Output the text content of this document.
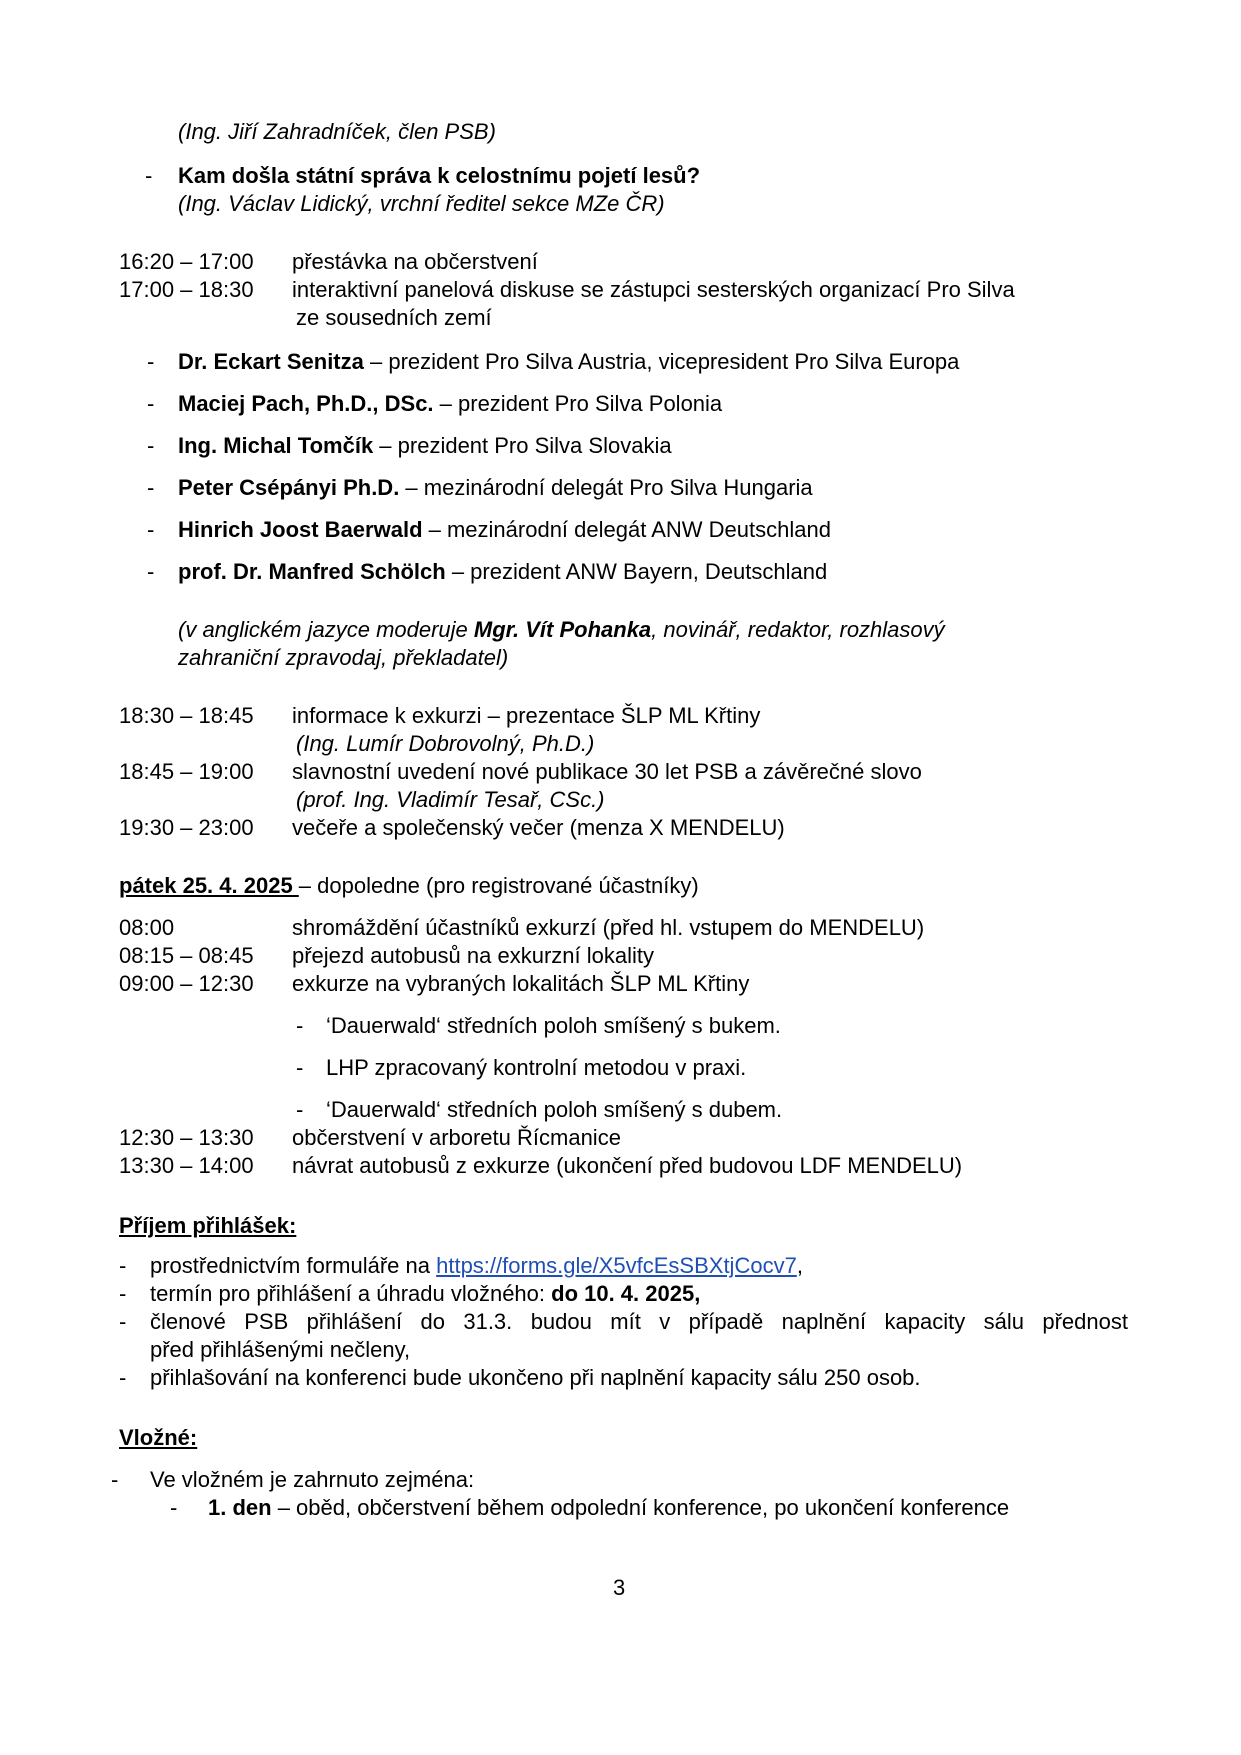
(Ing. Jiří Zahradníček, člen PSB)
- Kam došla státní správa k celostnímu pojetí lesů?
(Ing. Václav Lidický, vrchní ředitel sekce MZe ČR)
16:20 – 17:00 přestávka na občerstvení
17:00 – 18:30 interaktivní panelová diskuse se zástupci sesterských organizací Pro Silva
ze sousedních zemí
- Dr. Eckart Senitza – prezident Pro Silva Austria, vicepresident Pro Silva Europa
- Maciej Pach, Ph.D., DSc. – prezident Pro Silva Polonia
- Ing. Michal Tomčík – prezident Pro Silva Slovakia
- Peter Csépányi Ph.D. – mezinárodní delegát Pro Silva Hungaria
- Hinrich Joost Baerwald – mezinárodní delegát ANW Deutschland
- prof. Dr. Manfred Schölch – prezident ANW Bayern, Deutschland
(v anglickém jazyce moderuje Mgr. Vít Pohanka, novinář, redaktor, rozhlasový
zahraniční zpravodaj, překladatel)
18:30 – 18:45 informace k exkurzi – prezentace ŠLP ML Křtiny
(Ing. Lumír Dobrovolný, Ph.D.)
18:45 – 19:00 slavnostní uvedení nové publikace 30 let PSB a závěrečné slovo
(prof. Ing. Vladimír Tesař, CSc.)
19:30 – 23:00 večeře a společenský večer (menza X MENDELU)
pátek 25. 4. 2025 – dopoledne (pro registrované účastníky)
08:00	shromáždění účastníků exkurzí (před hl. vstupem do MENDELU)
08:15 – 08:45 přejezd autobusů na exkurzní lokality
09:00 – 12:30 exkurze na vybraných lokalitách ŠLP ML Křtiny
- ‘Dauerwald‘ středních poloh smíšený s bukem.
- LHP zpracovaný kontrolní metodou v praxi.
- ‘Dauerwald‘ středních poloh smíšený s dubem.
12:30 – 13:30 občerstvení v arboretu Řícmanice
13:30 – 14:00 návrat autobusů z exkurze (ukončení před budovou LDF MENDELU)
Příjem přihlášek:
- prostřednictvím formuláře na https://forms.gle/X5vfcEsSBXtjCocv7,
- termín pro přihlášení a úhradu vložného: do 10. 4. 2025,
- členové PSB přihlášení do 31.3. budou mít v případě naplnění kapacity sálu přednost
před přihlášenými nečleny,
- přihlašování na konferenci bude ukončeno při naplnění kapacity sálu 250 osob.
Vložné:
- Ve vložném je zahrnuto zejména:
- 1. den – oběd, občerstvení během odpolední konference, po ukončení konference
3
